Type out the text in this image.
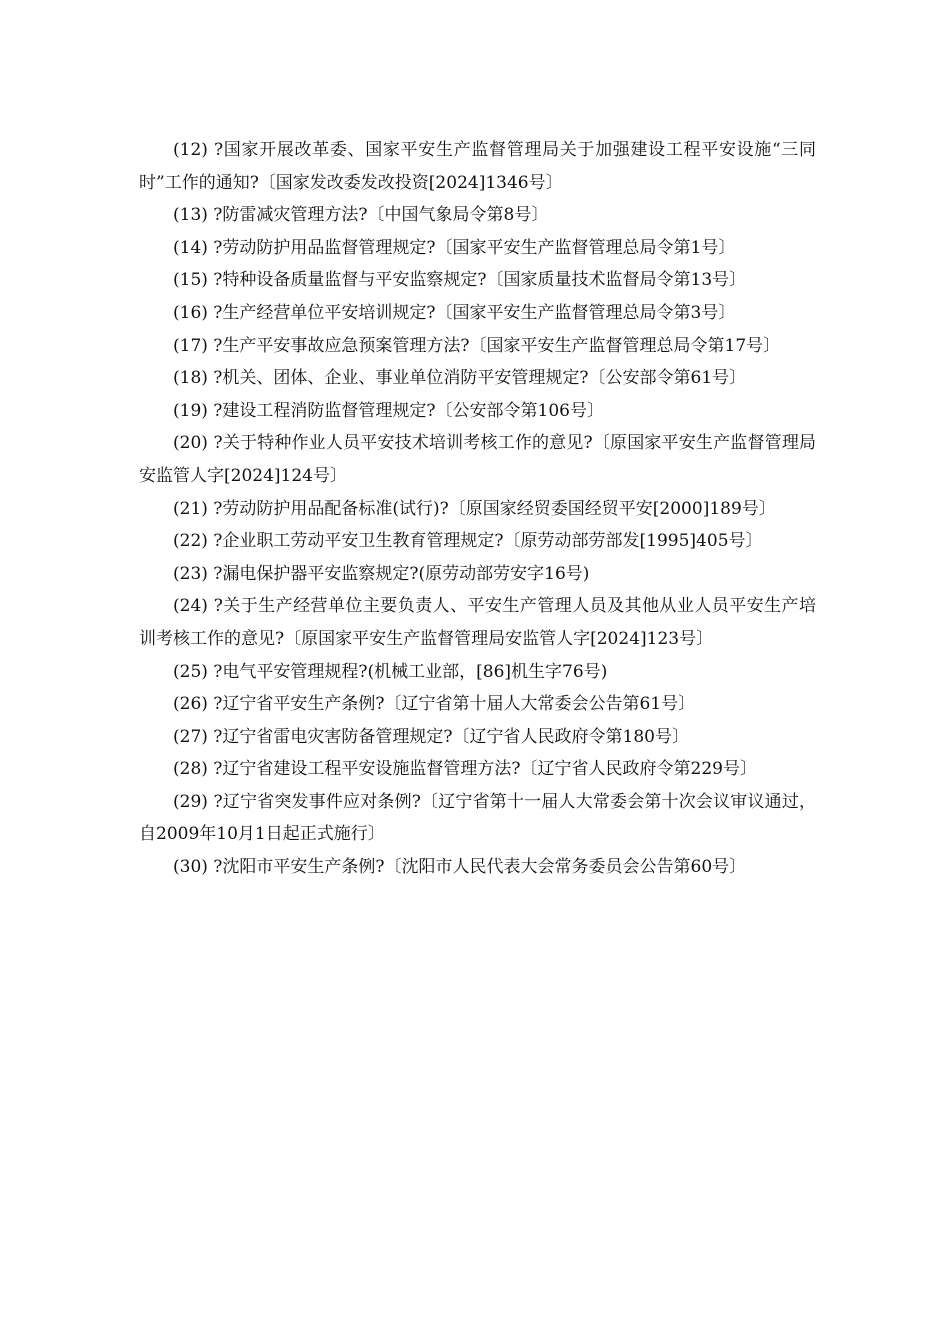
(12) ?国家开展改革委、国家平安生产监督管理局关于加强建设工程平安设施“三同时”工作的通知?〔国家发改委发改投资[2024]1346号〕

(13) ?防雷减灾管理方法?〔中国气象局令第8号〕

(14) ?劳动防护用品监督管理规定?〔国家平安生产监督管理总局令第1号〕

(15) ?特种设备质量监督与平安监察规定?〔国家质量技术监督局令第13号〕

(16) ?生产经营单位平安培训规定?〔国家平安生产监督管理总局令第3号〕

(17) ?生产平安事故应急预案管理方法?〔国家平安生产监督管理总局令第17号〕

(18) ?机关、团体、企业、事业单位消防平安管理规定?〔公安部令第61号〕

(19) ?建设工程消防监督管理规定?〔公安部令第106号〕

(20) ?关于特种作业人员平安技术培训考核工作的意见?〔原国家平安生产监督管理局安监管人字[2024]124号〕

(21) ?劳动防护用品配备标准(试行)?〔原国家经贸委国经贸平安[2000]189号〕

(22) ?企业职工劳动平安卫生教育管理规定?〔原劳动部劳部发[1995]405号〕

(23) ?漏电保护器平安监察规定?(原劳动部劳安字16号)

(24) ?关于生产经营单位主要负责人、平安生产管理人员及其他从业人员平安生产培训考核工作的意见?〔原国家平安生产监督管理局安监管人字[2024]123号〕

(25) ?电气平安管理规程?(机械工业部，[86]机生字76号)

(26) ?辽宁省平安生产条例?〔辽宁省第十届人大常委会公告第61号〕

(27) ?辽宁省雷电灾害防备管理规定?〔辽宁省人民政府令第180号〕

(28) ?辽宁省建设工程平安设施监督管理方法?〔辽宁省人民政府令第229号〕

(29) ?辽宁省突发事件应对条例?〔辽宁省第十一届人大常委会第十次会议审议通过，自2009年10月1日起正式施行〕

(30) ?沈阳市平安生产条例?〔沈阳市人民代表大会常务委员会公告第60号〕
